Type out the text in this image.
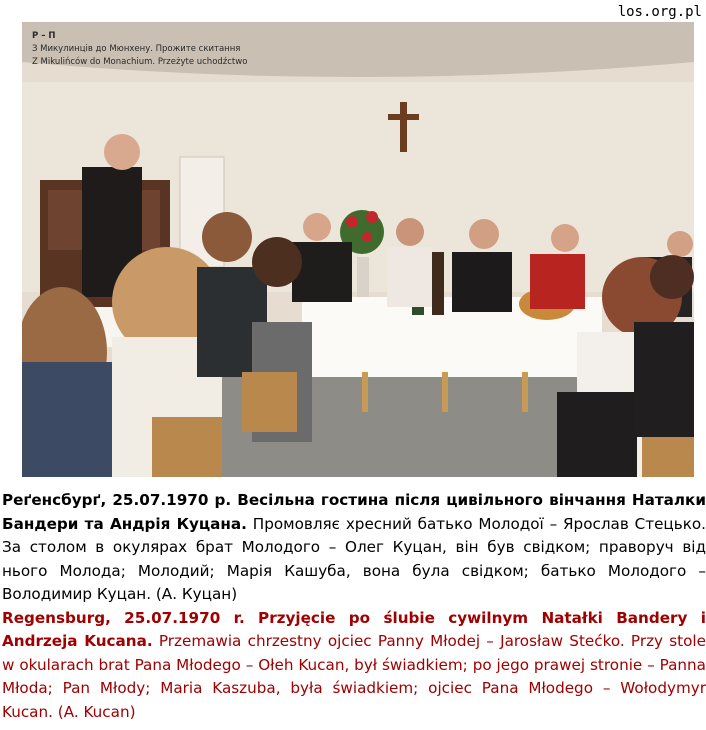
los.org.pl
Р – П
З Микулинців до Мюнхену. Прожите скитання
Z Mikulińców do Monachium. Przeżyte uchodźctwo

Реґенсбурґ, 25.07.1970 р. Весільна гостина після цивільного вінчання Наталки Бандери та Андрія Куцана. Промовляє хресний батько Молодої – Ярослав Стецько. За столом в окулярах брат Молодого – Олег Куцан, він був свідком; праворуч від нього Молода; Молодий; Марія Кашуба, вона була свідком; батько Молодого – Володимир Куцан. (А. Куцан)

Regensburg, 25.07.1970 r. Przyjęcie po ślubie cywilnym Natałki Bandery i Andrzeja Kucana. Przemawia chrzestny ojciec Panny Młodej – Jarosław Stećko. Przy stole w okularach brat Pana Młodego – Ołeh Kucan, był świadkiem; po jego prawej stronie – Panna Młoda; Pan Młody; Maria Kaszuba, była świadkiem; ojciec Pana Młodego – Wołodymyr Kucan. (A. Kucan)
